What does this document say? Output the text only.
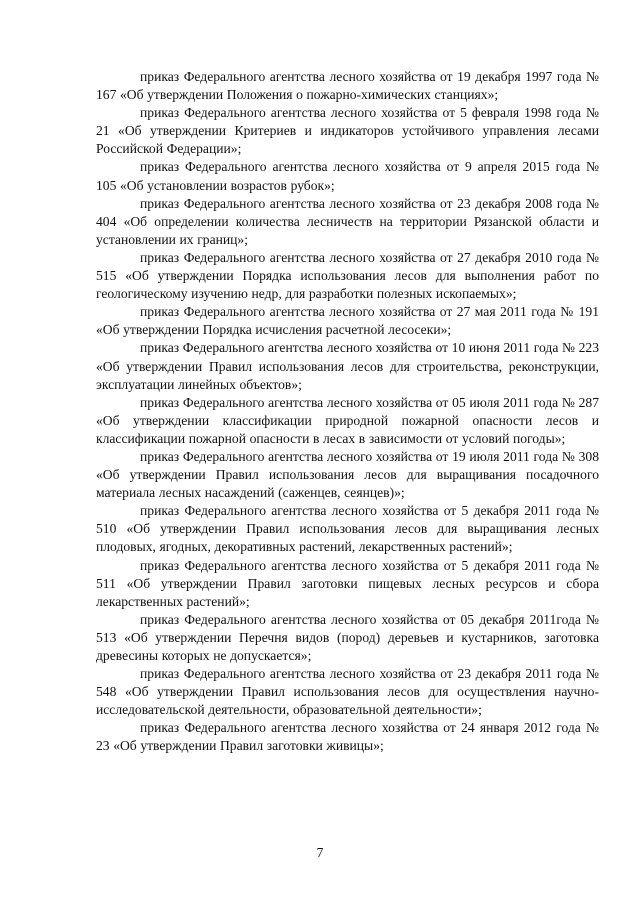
приказ Федерального агентства лесного хозяйства от 19 декабря 1997 года № 167 «Об утверждении Положения о пожарно-химических станциях»;

приказ Федерального агентства лесного хозяйства от 5 февраля 1998 года № 21 «Об утверждении Критериев и индикаторов устойчивого управления лесами Российской Федерации»;

приказ Федерального агентства лесного хозяйства от 9 апреля 2015 года № 105 «Об установлении возрастов рубок»;

приказ Федерального агентства лесного хозяйства от 23 декабря 2008 года № 404 «Об определении количества лесничеств на территории Рязанской области и установлении их границ»;

приказ Федерального агентства лесного хозяйства от 27 декабря 2010 года № 515 «Об утверждении Порядка использования лесов для выполнения работ по геологическому изучению недр, для разработки полезных ископаемых»;

приказ Федерального агентства лесного хозяйства от 27 мая 2011 года № 191 «Об утверждении Порядка исчисления расчетной лесосеки»;

приказ Федерального агентства лесного хозяйства от 10 июня 2011 года № 223 «Об утверждении Правил использования лесов для строительства, реконструкции, эксплуатации линейных объектов»;

приказ Федерального агентства лесного хозяйства от 05 июля 2011 года № 287 «Об утверждении классификации природной пожарной опасности лесов и классификации пожарной опасности в лесах в зависимости от условий погоды»;

приказ Федерального агентства лесного хозяйства от 19 июля 2011 года № 308 «Об утверждении Правил использования лесов для выращивания посадочного материала лесных насаждений (саженцев, сеянцев)»;

приказ Федерального агентства лесного хозяйства от 5 декабря 2011 года № 510 «Об утверждении Правил использования лесов для выращивания лесных плодовых, ягодных, декоративных растений, лекарственных растений»;

приказ Федерального агентства лесного хозяйства от 5 декабря 2011 года № 511 «Об утверждении Правил заготовки пищевых лесных ресурсов и сбора лекарственных растений»;

приказ Федерального агентства лесного хозяйства от 05 декабря 2011года № 513 «Об утверждении Перечня видов (пород) деревьев и кустарников, заготовка древесины которых не допускается»;

приказ Федерального агентства лесного хозяйства от 23 декабря 2011 года № 548 «Об утверждении Правил использования лесов для осуществления научно-исследовательской деятельности, образовательной деятельности»;

приказ Федерального агентства лесного хозяйства от 24 января 2012 года № 23 «Об утверждении Правил заготовки живицы»;

7
